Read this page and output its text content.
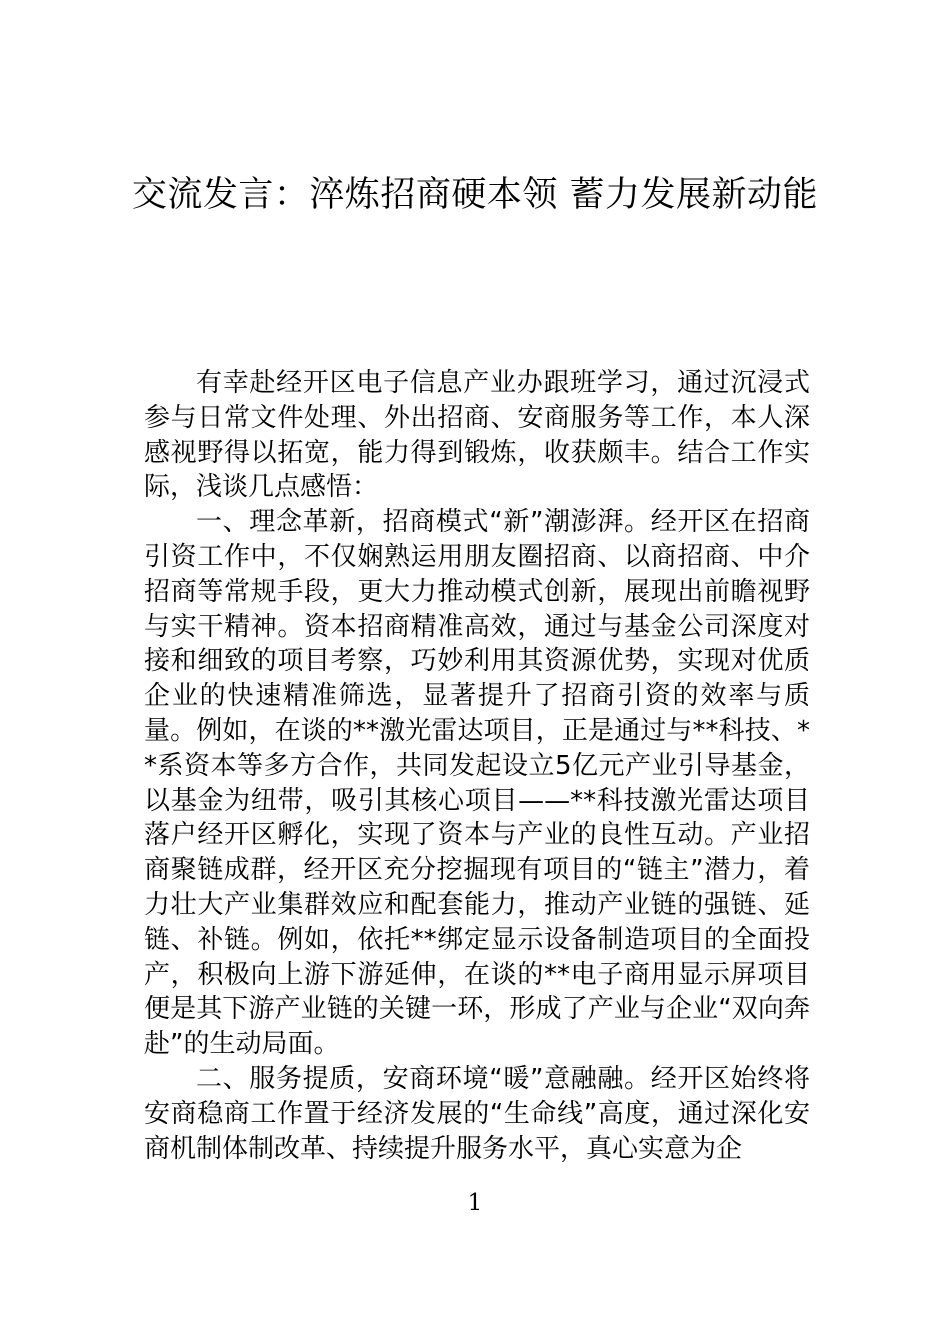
交流发言：淬炼招商硬本领 蓄力发展新动能

有幸赴经开区电子信息产业办跟班学习，通过沉浸式参与日常文件处理、外出招商、安商服务等工作，本人深感视野得以拓宽，能力得到锻炼，收获颇丰。结合工作实际，浅谈几点感悟：

一、理念革新，招商模式“新”潮澎湃。经开区在招商引资工作中，不仅娴熟运用朋友圈招商、以商招商、中介招商等常规手段，更大力推动模式创新，展现出前瞻视野与实干精神。资本招商精准高效，通过与基金公司深度对接和细致的项目考察，巧妙利用其资源优势，实现对优质企业的快速精准筛选，显著提升了招商引资的效率与质量。例如，在谈的**激光雷达项目，正是通过与**科技、**系资本等多方合作，共同发起设立5亿元产业引导基金，以基金为纽带，吸引其核心项目——**科技激光雷达项目落户经开区孵化，实现了资本与产业的良性互动。产业招商聚链成群，经开区充分挖掘现有项目的“链主”潜力，着力壮大产业集群效应和配套能力，推动产业链的强链、延链、补链。例如，依托**绑定显示设备制造项目的全面投产，积极向上游下游延伸，在谈的**电子商用显示屏项目便是其下游产业链的关键一环，形成了产业与企业“双向奔赴”的生动局面。

二、服务提质，安商环境“暖”意融融。经开区始终将安商稳商工作置于经济发展的“生命线”高度，通过深化安商机制体制改革、持续提升服务水平，真心实意为企

1
